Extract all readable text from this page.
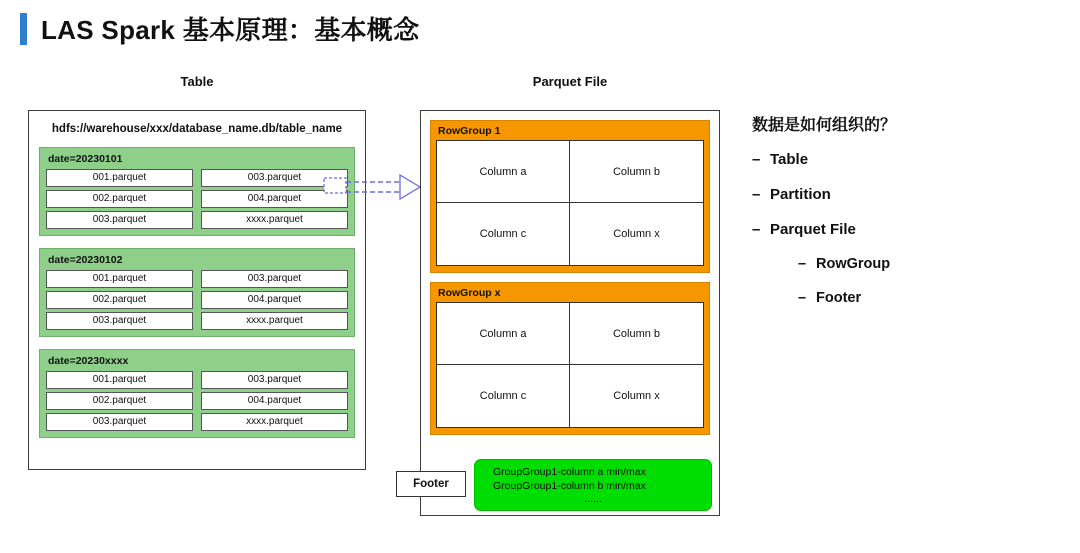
LAS Spark 基本原理：基本概念
Table	Parquet File
hdfs://warehouse/xxx/database_name.db/table_name
date=20230101
001.parquet	003.parquet
002.parquet	004.parquet
003.parquet	xxxx.parquet
date=20230102
001.parquet	003.parquet
002.parquet	004.parquet
003.parquet	xxxx.parquet
date=20230xxxx
001.parquet	003.parquet
002.parquet	004.parquet
003.parquet	xxxx.parquet
RowGroup 1
Column a	Column b
Column c	Column x
RowGroup x
Column a	Column b
Column c	Column x
Footer
GroupGroup1-column a min/max
GroupGroup1-column b min/max
......
数据是如何组织的？
– Table
– Partition
– Parquet File
– RowGroup
– Footer
